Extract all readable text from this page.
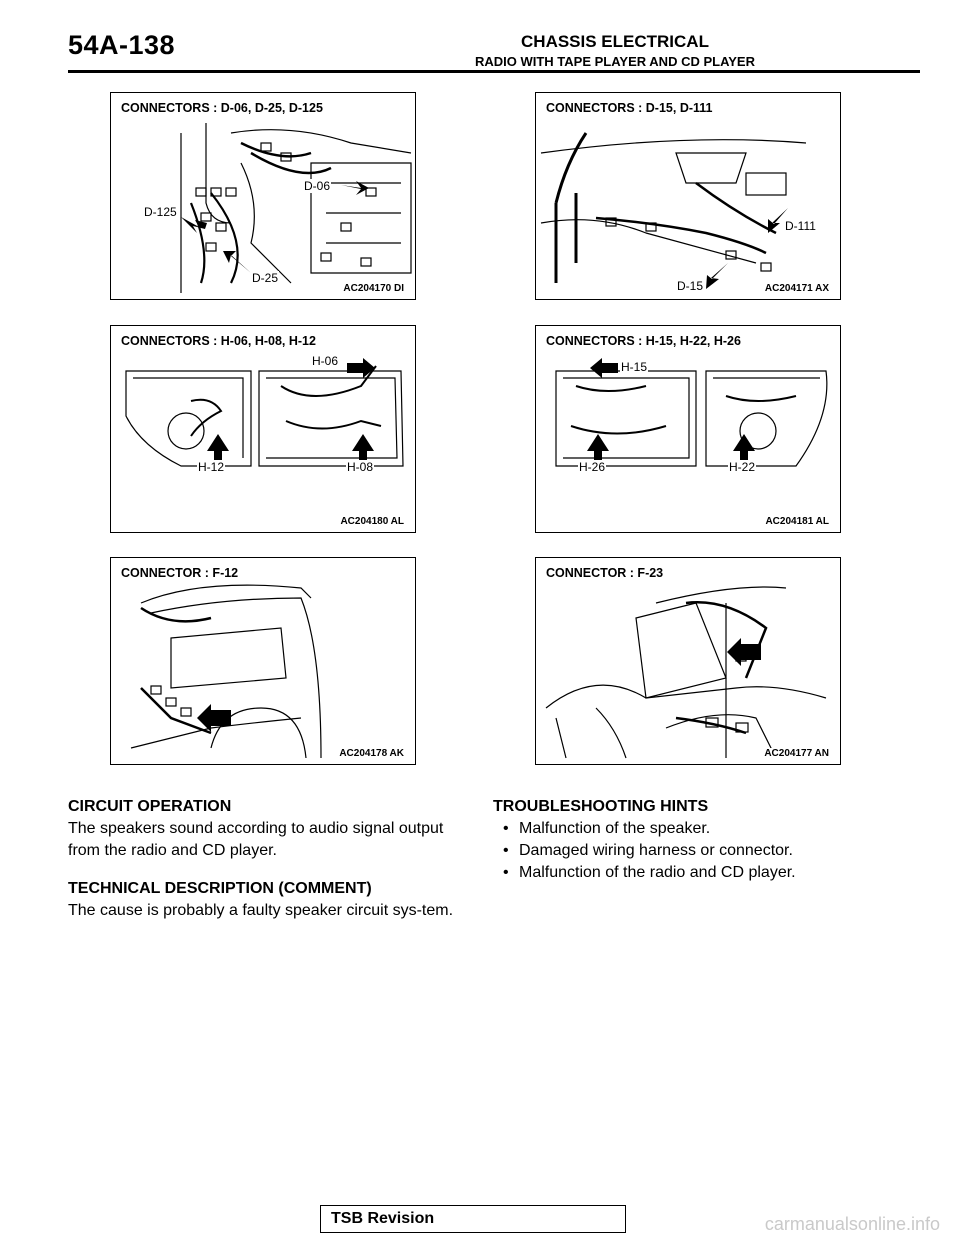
54A-138	CHASSIS ELECTRICAL
RADIO WITH TAPE PLAYER AND CD PLAYER
CONNECTORS : D-06, D-25, D-125
D-125
D-06
D-25
AC204170 DI
CONNECTORS : D-15, D-111
D-111
D-15	AC204171 AX
CONNECTORS : H-06, H-08, H-12
H-06
H-12	H-08
AC204180 AL
CONNECTORS : H-15, H-22, H-26
H-15
H-26	H-22
AC204181 AL
CONNECTOR : F-12
AC204178 AK
CONNECTOR : F-23
AC204177 AN

CIRCUIT OPERATION

The speakers sound according to audio signal output from the radio and CD player.

TECHNICAL DESCRIPTION (COMMENT)

The cause is probably a faulty speaker circuit sys-tem.

TROUBLESHOOTING HINTS

• Malfunction of the speaker.
• Damaged wiring harness or connector.
• Malfunction of the radio and CD player.
TSB Revision	carmanualsonline.info
